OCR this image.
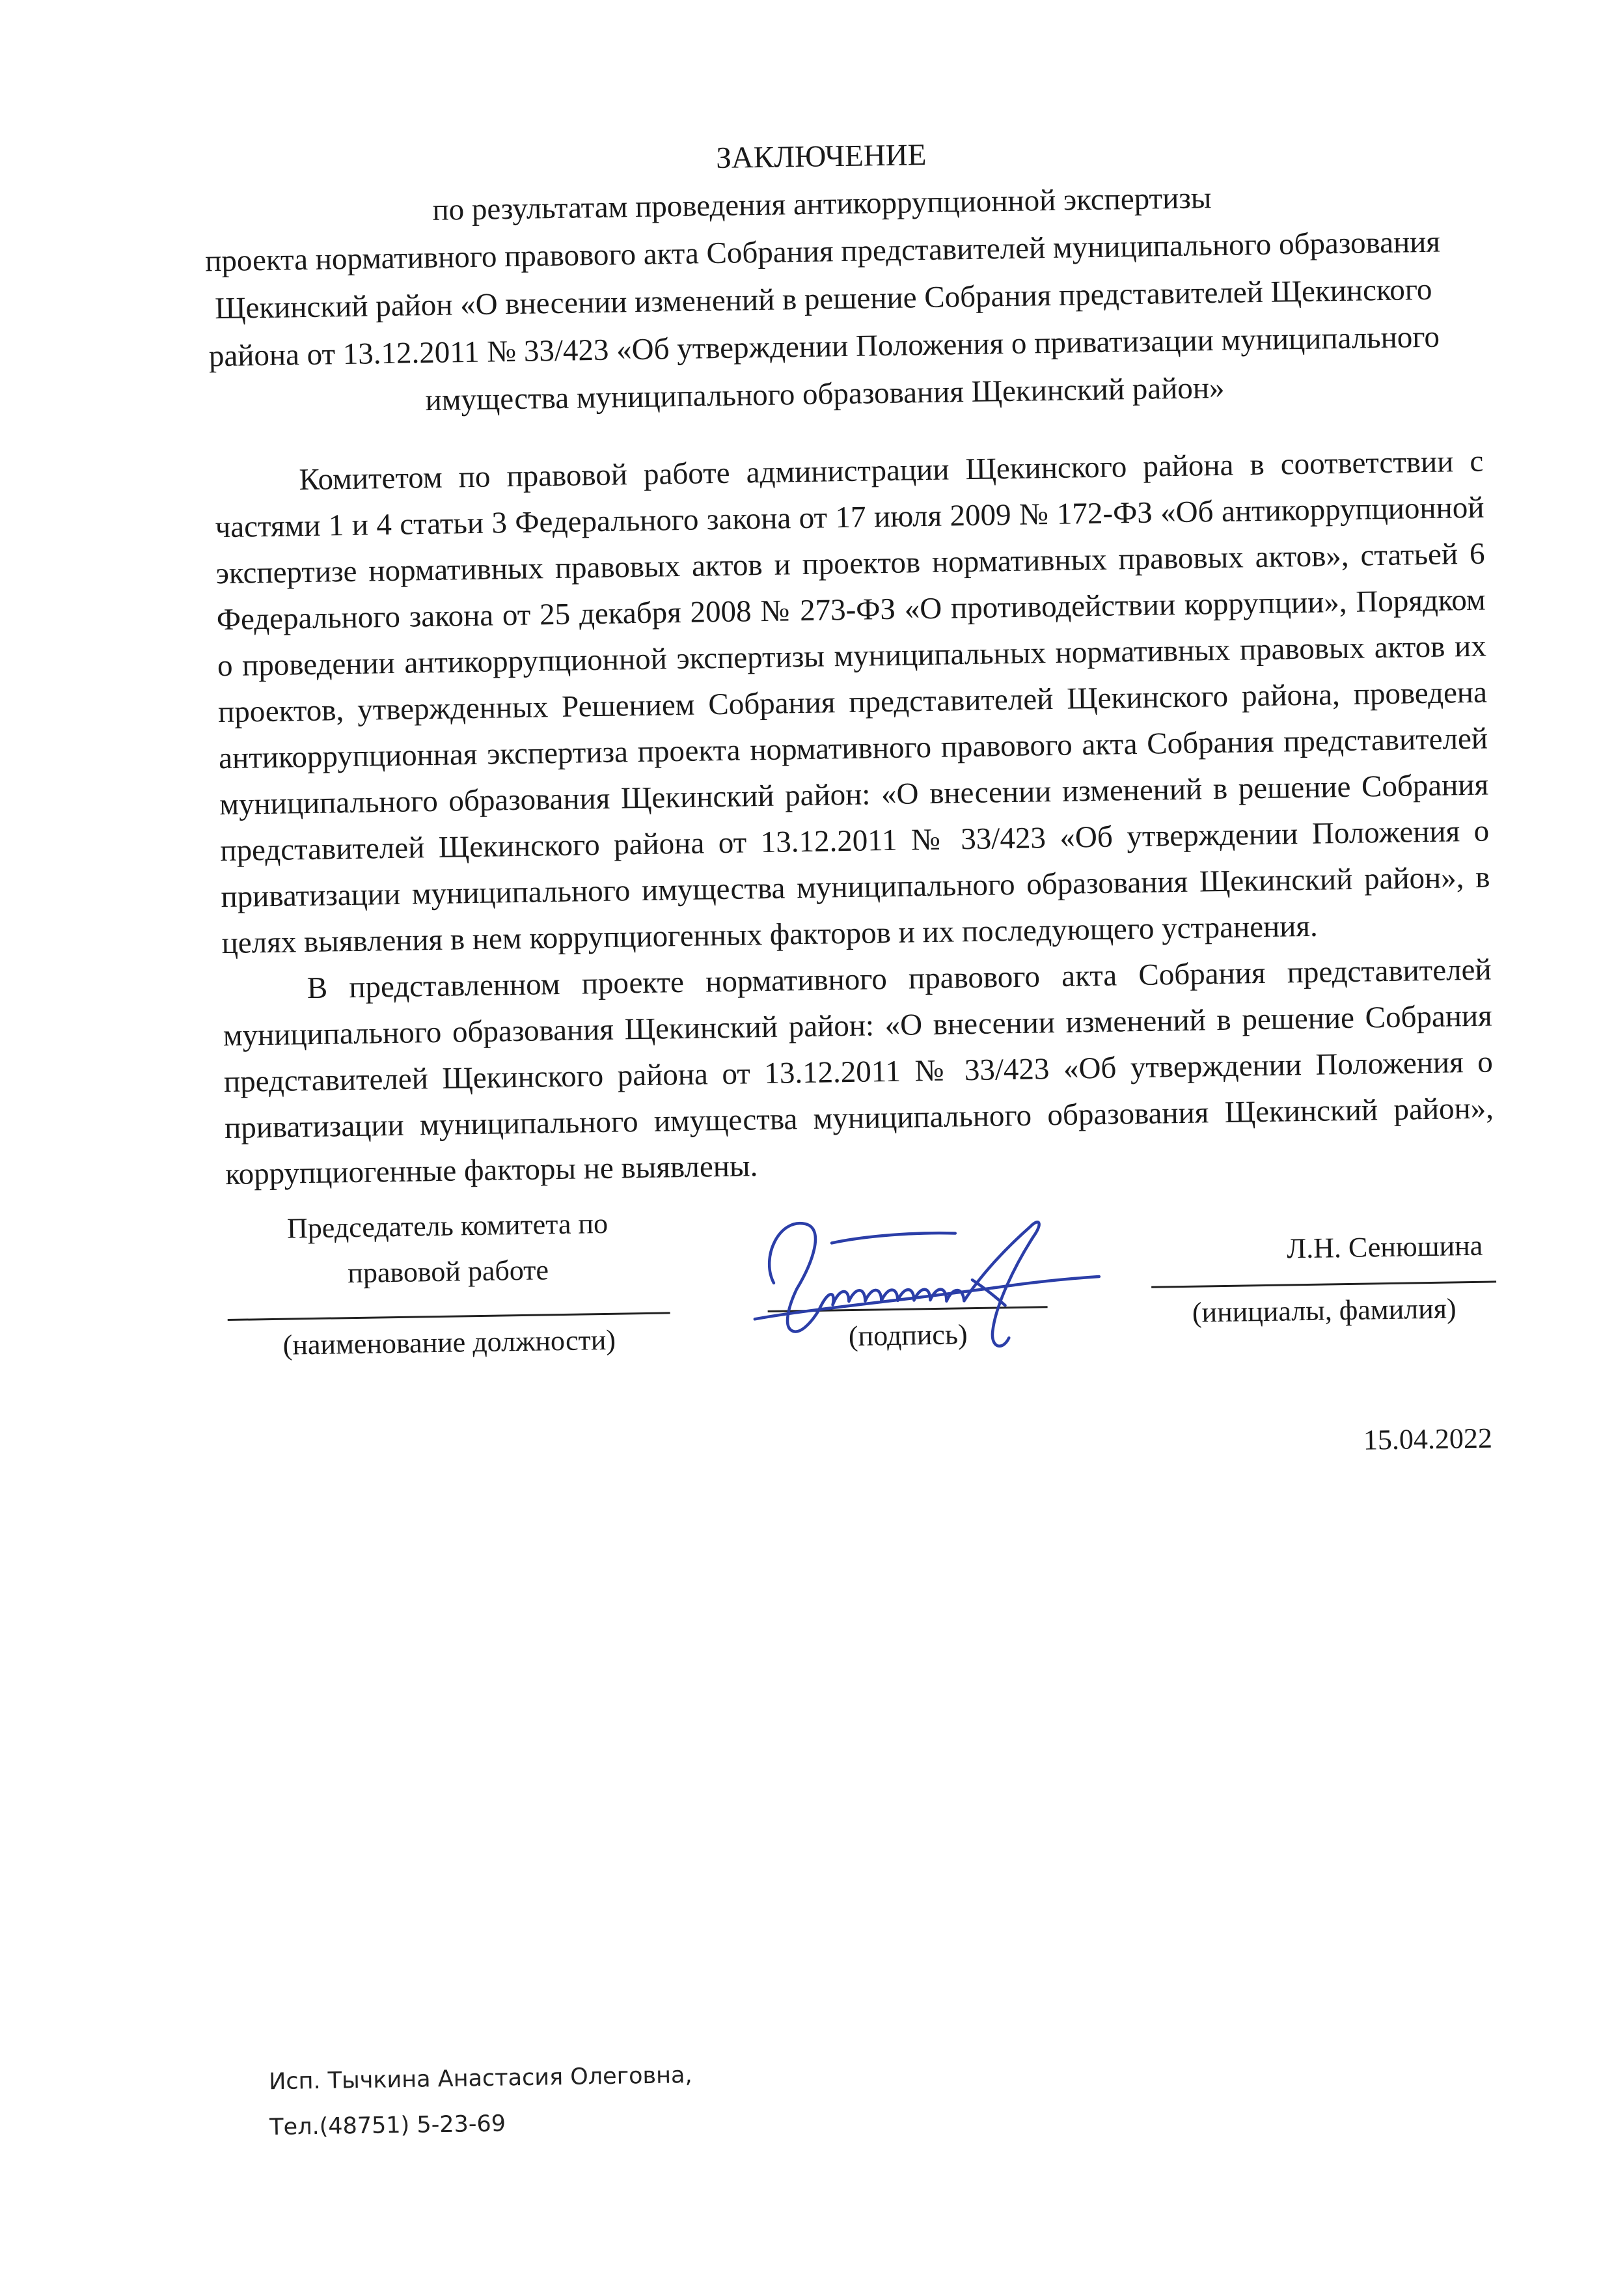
ЗАКЛЮЧЕНИЕ
по результатам проведения антикоррупционной экспертизы
проекта нормативного правового акта Собрания представителей муниципального образования Щекинский район «О внесении изменений в решение Собрания представителей Щекинского района от 13.12.2011 № 33/423 «Об утверждении Положения о приватизации муниципального имущества муниципального образования Щекинский район»

Комитетом по правовой работе администрации Щекинского района в соответствии с частями 1 и 4 статьи 3 Федерального закона от 17 июля 2009 № 172-ФЗ «Об антикоррупционной экспертизе нормативных правовых актов и проектов нормативных правовых актов», статьей 6 Федерального закона от 25 декабря 2008 № 273-ФЗ «О противодействии коррупции», Порядком о проведении антикоррупционной экспертизы муниципальных нормативных правовых актов их проектов, утвержденных Решением Собрания представителей Щекинского района, проведена антикоррупционная экспертиза проекта нормативного правового акта Собрания представителей муниципального образования Щекинский район: «О внесении изменений в решение Собрания представителей Щекинского района от 13.12.2011 № 33/423 «Об утверждении Положения о приватизации муниципального имущества муниципального образования Щекинский район», в целях выявления в нем коррупциогенных факторов и их последующего устранения.

В представленном проекте нормативного правового акта Собрания представителей муниципального образования Щекинский район: «О внесении изменений в решение Собрания представителей Щекинского района от 13.12.2011 № 33/423 «Об утверждении Положения о приватизации муниципального имущества муниципального образования Щекинский район», коррупциогенные факторы не выявлены.

Председатель комитета по
правовой работе
(наименование должности)	(подпись)
Л.Н. Сенюшина
(инициалы, фамилия)
15.04.2022
Исп. Тычкина Анастасия Олеговна,
Тел.(48751) 5-23-69
